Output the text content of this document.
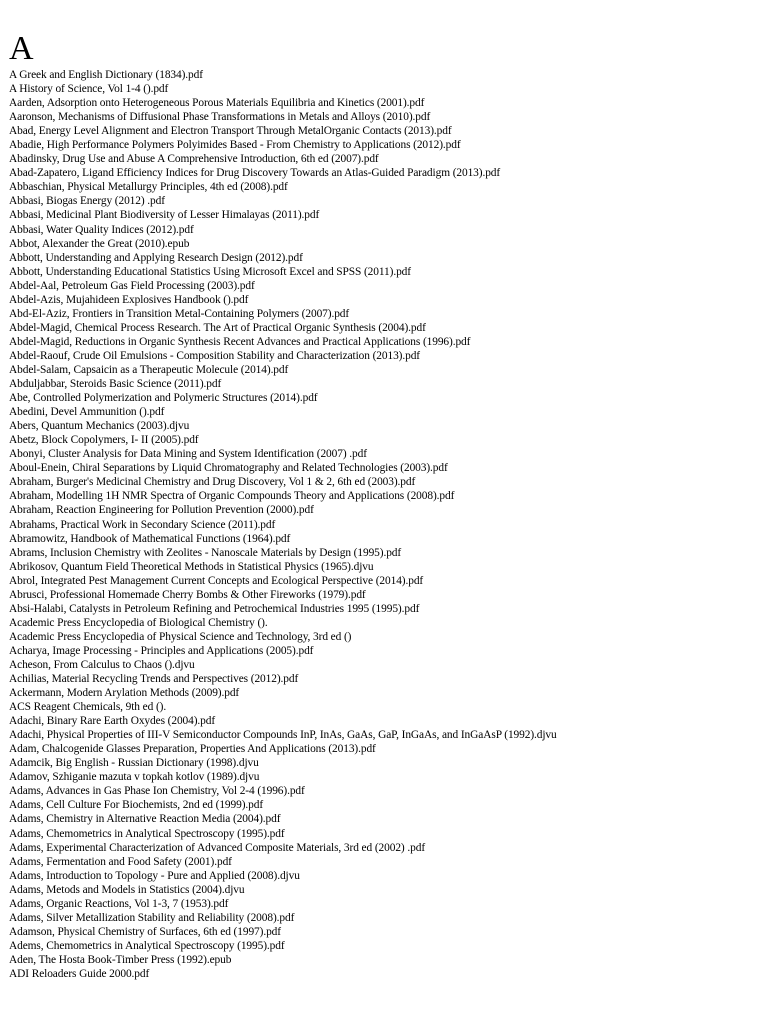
A
A Greek and English Dictionary (1834).pdf
A History of Science, Vol 1-4 ().pdf
Aarden, Adsorption onto Heterogeneous Porous Materials Equilibria and Kinetics (2001).pdf
Aaronson, Mechanisms of Diffusional Phase Transformations in Metals and Alloys (2010).pdf
Abad, Energy Level Alignment and Electron Transport Through MetalOrganic Contacts (2013).pdf
Abadie, High Performance Polymers Polyimides Based - From Chemistry to Applications (2012).pdf
Abadinsky, Drug Use and Abuse A Comprehensive Introduction, 6th ed (2007).pdf
Abad-Zapatero, Ligand Efficiency Indices for Drug Discovery Towards an Atlas-Guided Paradigm (2013).pdf
Abbaschian, Physical Metallurgy Principles, 4th ed (2008).pdf
Abbasi, Biogas Energy (2012) .pdf
Abbasi, Medicinal Plant Biodiversity of Lesser Himalayas (2011).pdf
Abbasi, Water Quality Indices (2012).pdf
Abbot, Alexander the Great (2010).epub
Abbott, Understanding and Applying Research Design (2012).pdf
Abbott, Understanding Educational Statistics Using Microsoft Excel and SPSS (2011).pdf
Abdel-Aal, Petroleum Gas Field Processing (2003).pdf
Abdel-Azis, Mujahideen Explosives Handbook ().pdf
Abd-El-Aziz, Frontiers in Transition Metal-Containing Polymers (2007).pdf
Abdel-Magid, Chemical Process Research. The Art of Practical Organic Synthesis (2004).pdf
Abdel-Magid, Reductions in Organic Synthesis Recent Advances and Practical Applications (1996).pdf
Abdel-Raouf, Crude Oil Emulsions - Composition Stability and Characterization (2013).pdf
Abdel-Salam, Capsaicin as a Therapeutic Molecule (2014).pdf
Abduljabbar, Steroids Basic Science (2011).pdf
Abe, Controlled Polymerization and Polymeric Structures (2014).pdf
Abedini, Devel Ammunition ().pdf
Abers, Quantum Mechanics (2003).djvu
Abetz, Block Copolymers, I- II (2005).pdf
Abonyi, Cluster Analysis for Data Mining and System Identification (2007) .pdf
Aboul-Enein, Chiral Separations by Liquid Chromatography and Related Technologies (2003).pdf
Abraham, Burger's Medicinal Chemistry and Drug Discovery, Vol 1 & 2, 6th ed (2003).pdf
Abraham, Modelling 1H NMR Spectra of Organic Compounds Theory and Applications (2008).pdf
Abraham, Reaction Engineering for Pollution Prevention (2000).pdf
Abrahams, Practical Work in Secondary Science (2011).pdf
Abramowitz, Handbook of Mathematical Functions (1964).pdf
Abrams, Inclusion Chemistry with Zeolites - Nanoscale Materials by Design (1995).pdf
Abrikosov, Quantum Field Theoretical Methods in Statistical Physics (1965).djvu
Abrol, Integrated Pest Management Current Concepts and Ecological Perspective (2014).pdf
Abrusci, Professional Homemade Cherry Bombs & Other Fireworks (1979).pdf
Absi-Halabi, Catalysts in Petroleum Refining and Petrochemical Industries 1995 (1995).pdf
Academic Press Encyclopedia of Biological Chemistry ().
Academic Press Encyclopedia of Physical Science and Technology, 3rd ed ()
Acharya, Image Processing - Principles and Applications (2005).pdf
Acheson, From Calculus to Chaos ().djvu
Achilias, Material Recycling Trends and Perspectives (2012).pdf
Ackermann, Modern Arylation Methods (2009).pdf
ACS Reagent Chemicals, 9th ed ().
Adachi, Binary Rare Earth Oxydes (2004).pdf
Adachi, Physical Properties of III-V Semiconductor Compounds InP, InAs, GaAs, GaP, InGaAs, and InGaAsP (1992).djvu
Adam, Chalcogenide Glasses Preparation, Properties And Applications (2013).pdf
Adamcik, Big English - Russian Dictionary (1998).djvu
Adamov, Szhiganie mazuta v topkah kotlov (1989).djvu
Adams, Advances in Gas Phase Ion Chemistry, Vol 2-4 (1996).pdf
Adams, Cell Culture For Biochemists, 2nd ed (1999).pdf
Adams, Chemistry in Alternative Reaction Media (2004).pdf
Adams, Chemometrics in Analytical Spectroscopy (1995).pdf
Adams, Experimental Characterization of Advanced Composite Materials, 3rd ed (2002) .pdf
Adams, Fermentation and Food Safety (2001).pdf
Adams, Introduction to Topology - Pure and Applied (2008).djvu
Adams, Metods and Models in Statistics (2004).djvu
Adams, Organic Reactions, Vol 1-3, 7 (1953).pdf
Adams, Silver Metallization Stability and Reliability (2008).pdf
Adamson, Physical Chemistry of Surfaces, 6th ed (1997).pdf
Adems, Chemometrics in Analytical Spectroscopy (1995).pdf
Aden, The Hosta Book-Timber Press (1992).epub
ADI Reloaders Guide 2000.pdf
